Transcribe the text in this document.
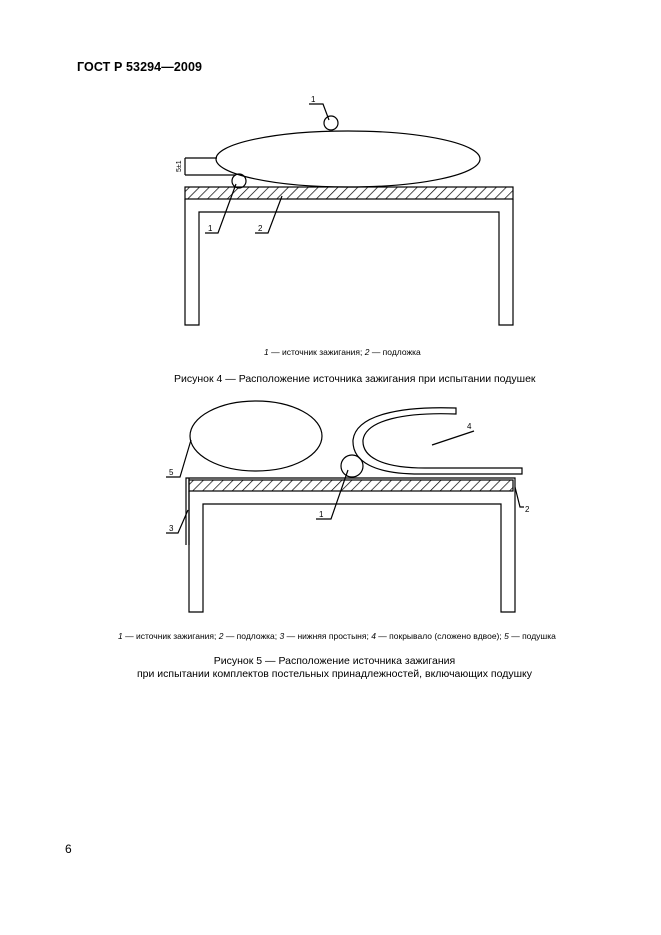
ГОСТ Р 53294—2009
1
1	2
5±1
5
3
1
4
2
1 — источник зажигания; 2 — подложка
Рисунок 4 — Расположение источника зажигания при испытании подушек
1 — источник зажигания; 2 — подложка; 3 — нижняя простыня; 4 — покрывало (сложено вдвое); 5 — подушка
Рисунок 5 — Расположение источника зажигания
при испытании комплектов постельных принадлежностей, включающих подушку
6
